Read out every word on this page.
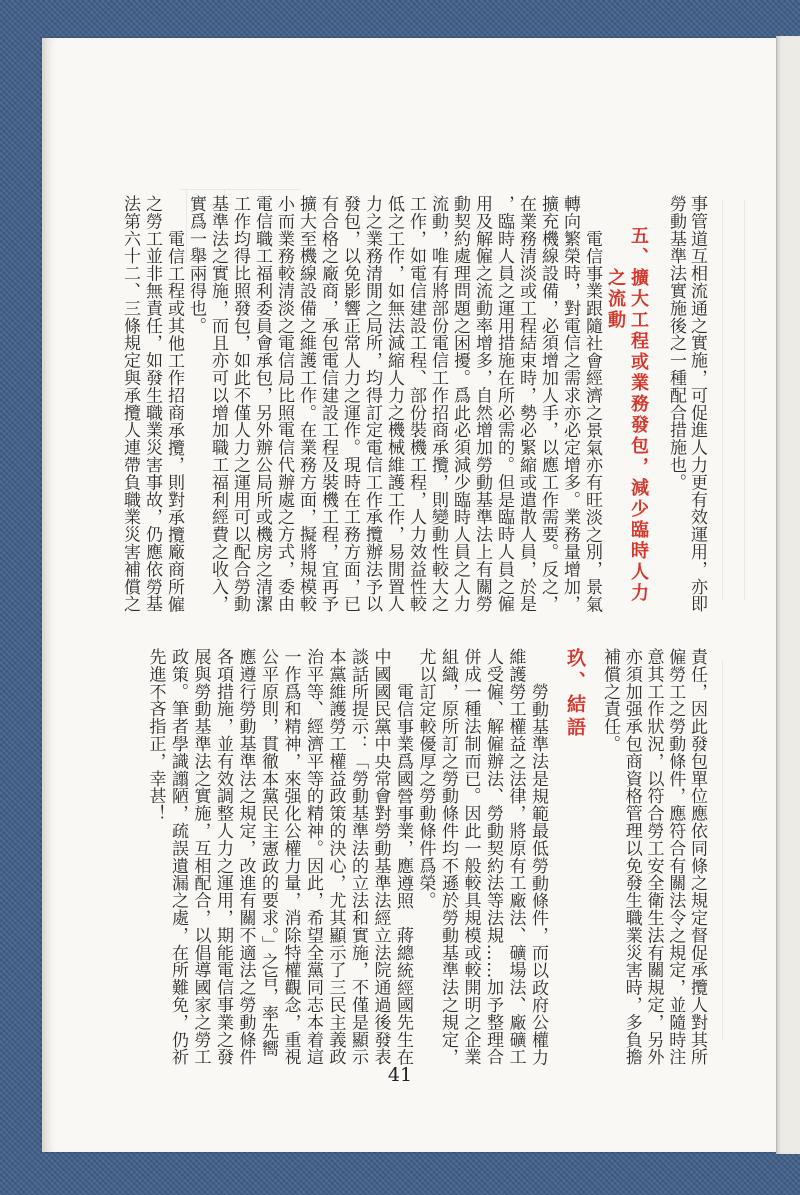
41
事管道互相流通之實施，可促進人力更有效運用，亦即
勞動基準法實施後之一種配合措施也。
五、擴大工程或業務發包，減少臨時人力
之流動
電信事業跟隨社會經濟之景氣亦有旺淡之別，景氣
轉向繁榮時，對電信之需求亦必定增多。業務量增加，
擴充機線設備，必須增加人手，以應工作需要。反之，
在業務清淡或工程結束時，勢必緊縮或遣散人員，於是
，臨時人員之運用措施在所必需的。但是臨時人員之僱
用及解僱之流動率增多，自然增加勞動基準法上有關勞
動契約處理問題之困擾。爲此必須減少臨時人員之人力
流動，唯有將部份電信工作招商承攬，則變動性較大之
工作，如電信建設工程、部份裝機工程，人力效益性較
低之工作，如無法減縮人力之機械維護工作，易閒置人
力之業務清閒之局所，均得訂定電信工作承攬辦法予以
發包，以免影響正常人力之運作。現時在工務方面，已
有合格之廠商，承包電信建設工程及裝機工程，宜再予
擴大至機線設備之維護工作。在業務方面，擬將規模較
小而業務較清淡之電信局比照電信代辦處之方式，委由
電信職工福利委員會承包，另外辦公局所或機房之清潔
工作均得比照發包，如此不僅人力之運用可以配合勞動
基準法之實施，而且亦可以增加職工福利經費之收入，
實爲一舉兩得也。
電信工程或其他工作招商承攬，則對承攬廠商所僱
之勞工並非無責任，如發生職業災害事故，仍應依勞基
法第六十二、三條規定與承攬人連帶負職業災害補償之
責任，因此發包單位應依同條之規定督促承攬人對其所
僱勞工之勞動條件，應符合有關法令之規定，並隨時注
意其工作狀況，以符合勞工安全衛生法有關規定，另外
亦須加强承包商資格管理以免發生職業災害時，多負擔
補償之責任。
玖、結語
勞動基準法是規範最低勞動條件，而以政府公權力
維護勞工權益之法律，將原有工廠法、礦場法、廠礦工
人受僱、解僱辦法、勞動契約法等法規……加予整理合
併成一種法制而已。因此一般較具規模或較開明之企業
組織，原所訂之勞動條件均不遜於勞動基準法之規定，
尤以訂定較優厚之勞動條件爲榮。
電信事業爲國營事業，應遵照　蔣總統經國先生在
中國國民黨中央常會對勞動基準法經立法院通過後發表
談話所提示：「勞動基準法的立法和實施，不僅是顯示
本黨維護勞工權益政策的決心，尤其顯示了三民主義政
治平等、經濟平等的精神。因此，希望全黨同志本着這
一作爲和精神，來强化公權力量，消除特權觀念，重視
公平原則，貫徹本黨民主憲政的要求。」之旨，率先嚮
應遵行勞動基準法之規定，改進有關不適法之勞動條件
各項措施，並有效調整人力之運用，期能電信事業之發
展與勞動基準法之實施，互相配合，以倡導國家之勞工
政策。筆者學識譾陋，疏誤遺漏之處，在所難免，仍祈
先進不吝指正，幸甚！
